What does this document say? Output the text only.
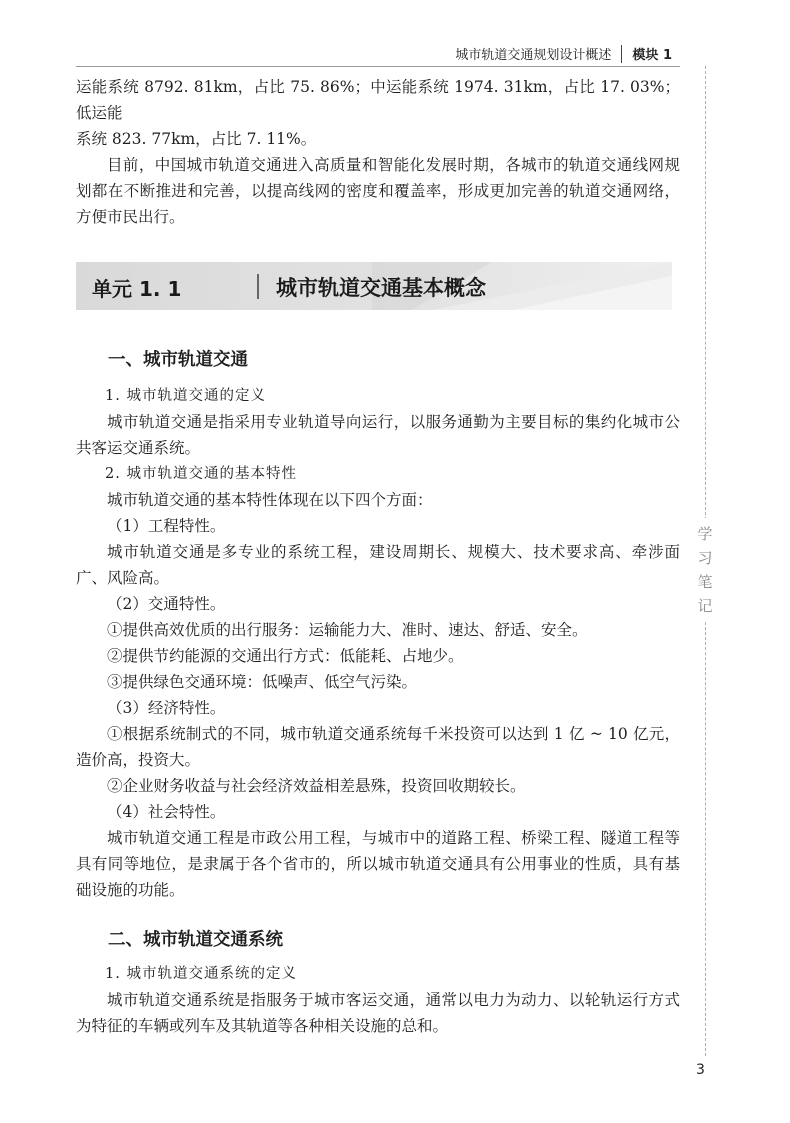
城市轨道交通规划设计概述 模块 1
学
习
笔
记
运能系统 8792. 81km，占比 75. 86%；中运能系统 1974. 31km，占比 17. 03%；低运能
系统 823. 77km，占比 7. 11%。
目前，中国城市轨道交通进入高质量和智能化发展时期，各城市的轨道交通线网规划都在不断推进和完善，以提高线网的密度和覆盖率，形成更加完善的轨道交通网络，方便市民出行。
单元 1. 1	城市轨道交通基本概念
一、城市轨道交通
1. 城市轨道交通的定义
城市轨道交通是指采用专业轨道导向运行，以服务通勤为主要目标的集约化城市公共客运交通系统。
2. 城市轨道交通的基本特性
城市轨道交通的基本特性体现在以下四个方面：
（1）工程特性。
城市轨道交通是多专业的系统工程，建设周期长、规模大、技术要求高、牵涉面广、风险高。
（2）交通特性。
①提供高效优质的出行服务：运输能力大、准时、速达、舒适、安全。
②提供节约能源的交通出行方式：低能耗、占地少。
③提供绿色交通环境：低噪声、低空气污染。
（3）经济特性。
①根据系统制式的不同，城市轨道交通系统每千米投资可以达到 1 亿 ~ 10 亿元，造价高，投资大。
②企业财务收益与社会经济效益相差悬殊，投资回收期较长。
（4）社会特性。
城市轨道交通工程是市政公用工程，与城市中的道路工程、桥梁工程、隧道工程等具有同等地位，是隶属于各个省市的，所以城市轨道交通具有公用事业的性质，具有基础设施的功能。
二、城市轨道交通系统
1. 城市轨道交通系统的定义
城市轨道交通系统是指服务于城市客运交通，通常以电力为动力、以轮轨运行方式为特征的车辆或列车及其轨道等各种相关设施的总和。
3
